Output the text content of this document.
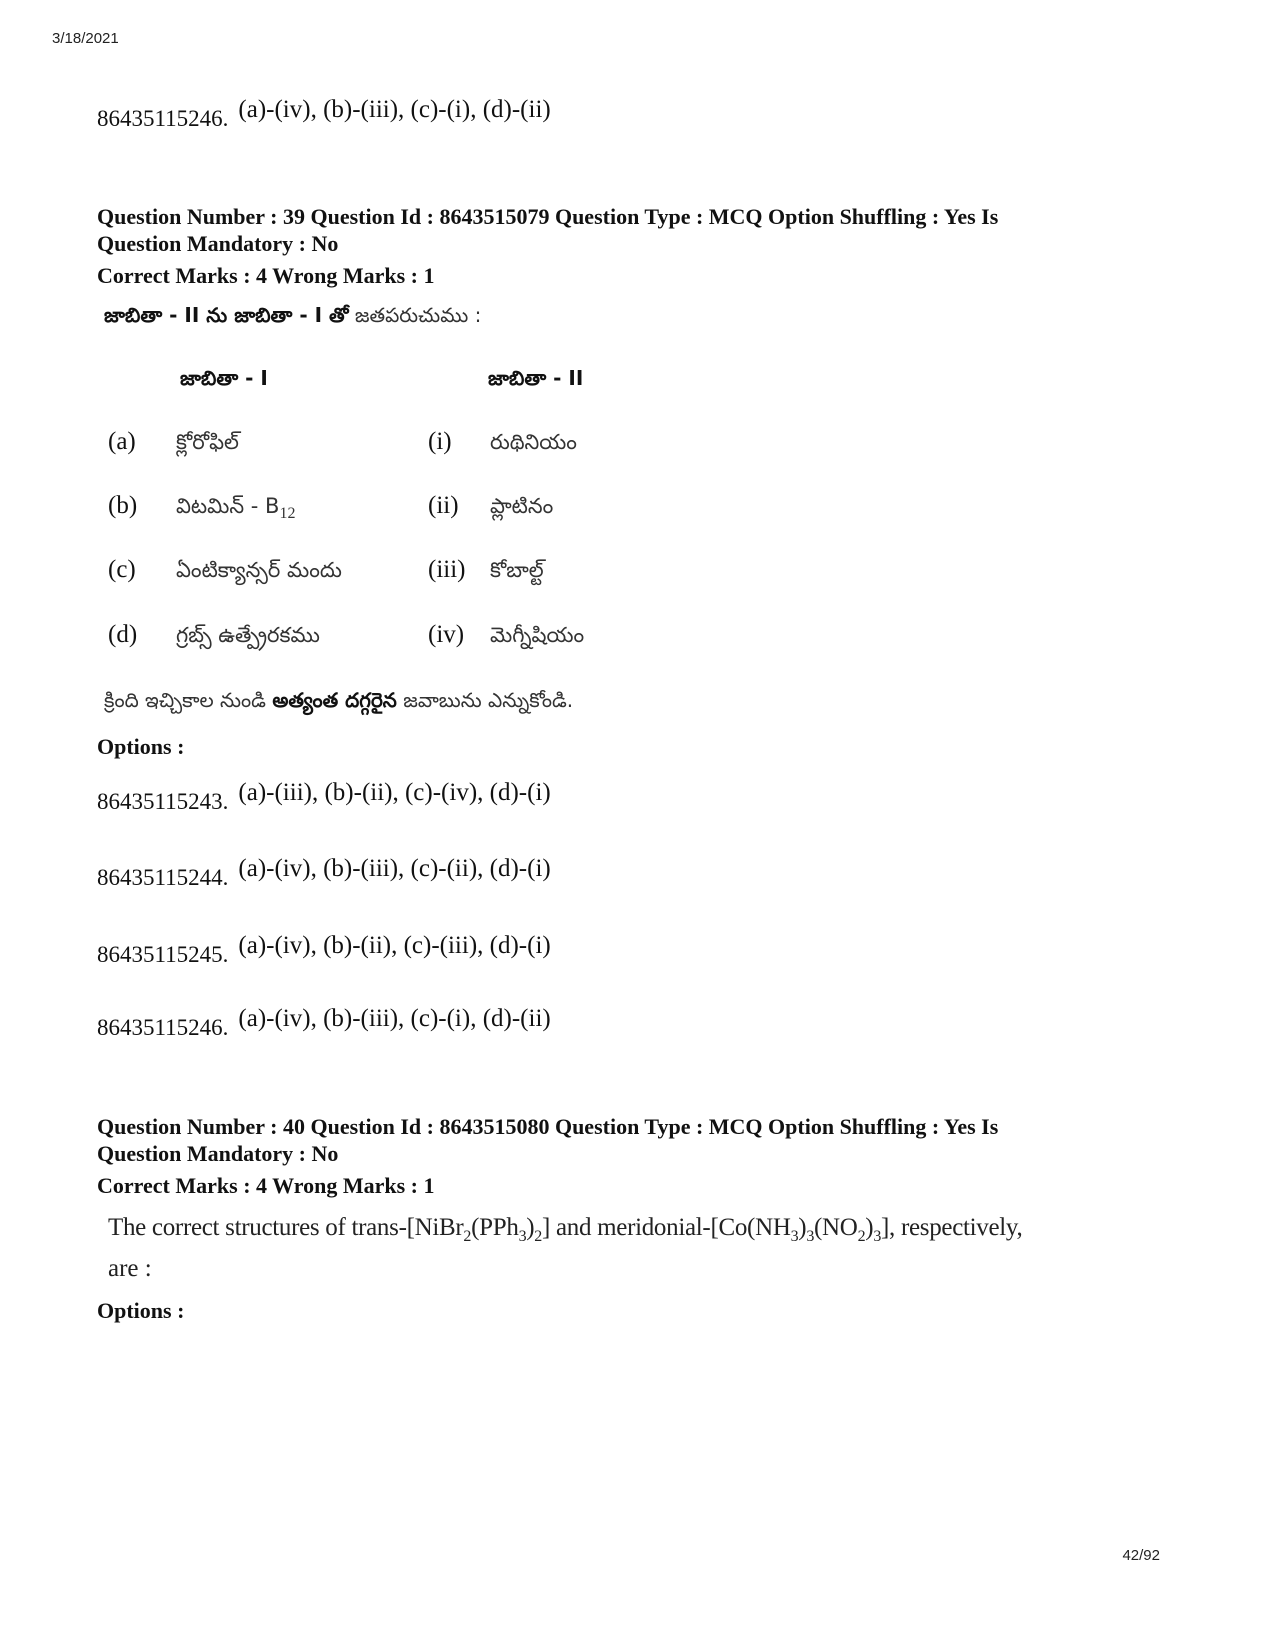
3/18/2021
86435115246. (a)-(iv), (b)-(iii), (c)-(i), (d)-(ii)
Question Number : 39 Question Id : 8643515079 Question Type : MCQ Option Shuffling : Yes Is
Question Mandatory : No
Correct Marks : 4 Wrong Marks : 1
జాబితా - II ను జాబితా - I తో జతపరుచుము :
జాబితా - I	జాబితా - II
(a) క్లోరోఫిల్	(i) రుథినియం
(b) విటమిన్ - $B_{12}$	(ii) ప్లాటినం
(c) ఏంటిక్యాన్సర్ మందు	(iii) కోబాల్ట్
(d) గ్రబ్స్ ఉత్ప్రేరకము	(iv) మెగ్నీషియం
క్రింది ఇచ్చికాల నుండి అత్యంత దగ్గరైన జవాబును ఎన్నుకోండి.
Options :
86435115243. (a)-(iii), (b)-(ii), (c)-(iv), (d)-(i)
86435115244. (a)-(iv), (b)-(iii), (c)-(ii), (d)-(i)
86435115245. (a)-(iv), (b)-(ii), (c)-(iii), (d)-(i)
86435115246. (a)-(iv), (b)-(iii), (c)-(i), (d)-(ii)
Question Number : 40 Question Id : 8643515080 Question Type : MCQ Option Shuffling : Yes Is
Question Mandatory : No
Correct Marks : 4 Wrong Marks : 1
The correct structures of trans-$[NiBr_2(PPh_3)_2]$ and meridonial-$[Co(NH_3)_3(NO_2)_3]$, respectively,
are :
Options :
42/92
